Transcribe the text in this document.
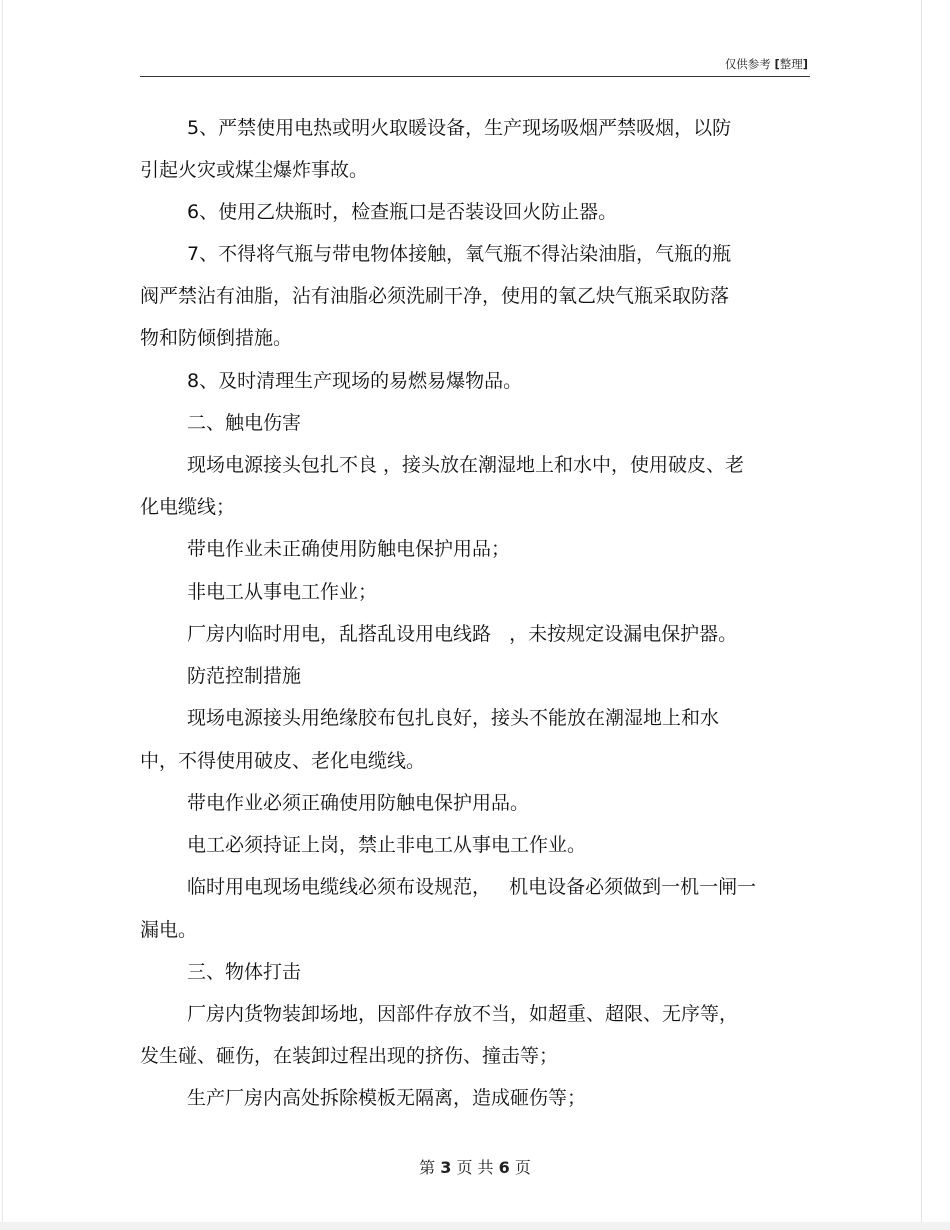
仅供参考 [整理]
5、严禁使用电热或明火取暖设备，生产现场吸烟严禁吸烟，以防
引起火灾或煤尘爆炸事故。
6、使用乙炔瓶时，检查瓶口是否装设回火防止器。
7、不得将气瓶与带电物体接触，氧气瓶不得沾染油脂，气瓶的瓶
阀严禁沾有油脂，沾有油脂必须洗刷干净，使用的氧乙炔气瓶采取防落
物和防倾倒措施。
8、及时清理生产现场的易燃易爆物品。
二、触电伤害
现场电源接头包扎不良 ，接头放在潮湿地上和水中，使用破皮、老
化电缆线；
带电作业未正确使用防触电保护用品；
非电工从事电工作业；
厂房内临时用电，乱搭乱设用电线路   ，未按规定设漏电保护器。
防范控制措施
现场电源接头用绝缘胶布包扎良好，接头不能放在潮湿地上和水
中，不得使用破皮、老化电缆线。
带电作业必须正确使用防触电保护用品。
电工必须持证上岗，禁止非电工从事电工作业。
临时用电现场电缆线必须布设规范，   机电设备必须做到一机一闸一
漏电。
三、物体打击
厂房内货物装卸场地，因部件存放不当，如超重、超限、无序等，
发生碰、砸伤，在装卸过程出现的挤伤、撞击等；
生产厂房内高处拆除模板无隔离，造成砸伤等；
第 3 页 共 6 页
